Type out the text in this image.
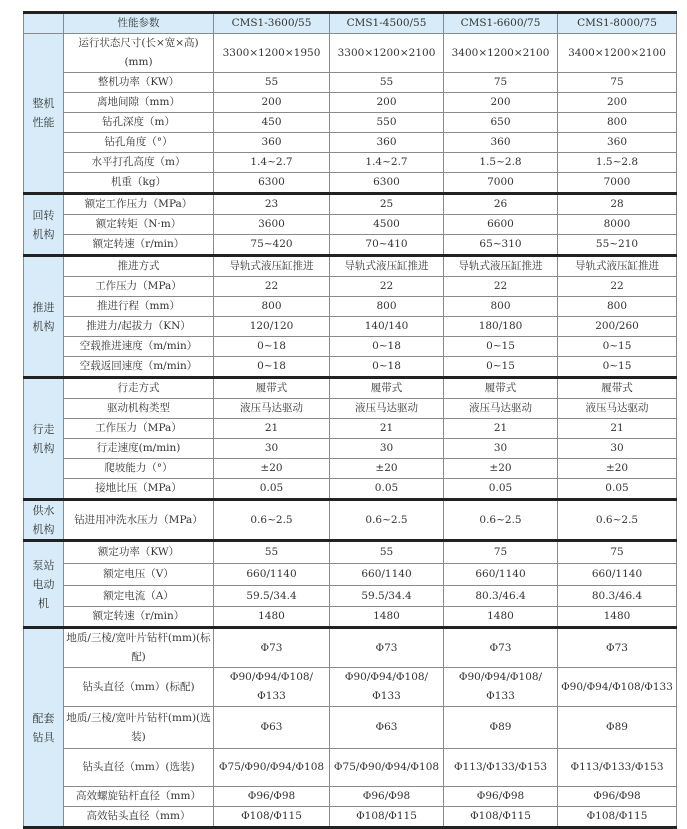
	性能参数	CMS1-3600/55	CMS1-4500/55	CMS1-6600/75	CMS1-8000/75
整机性能	运行状态尺寸(长×宽×高)(mm)	3300×1200×1950	3300×1200×2100	3400×1200×2100	3400×1200×2100
	整机功率（KW）	55	55	75	75
	离地间隙（mm）	200	200	200	200
	钻孔深度（m）	450	550	650	800
	钻孔角度（°）	360	360	360	360
	水平打孔高度（m）	1.4~2.7	1.4~2.7	1.5~2.8	1.5~2.8
	机重（kg）	6300	6300	7000	7000
回转机构	额定工作压力（MPa）	23	25	26	28
	额定转矩（N·m）	3600	4500	6600	8000
	额定转速（r/min）	75~420	70~410	65~310	55~210
推进机构	推进方式	导轨式液压缸推进	导轨式液压缸推进	导轨式液压缸推进	导轨式液压缸推进
	工作压力（MPa）	22	22	22	22
	推进行程（mm）	800	800	800	800
	推进力/起拔力（KN）	120/120	140/140	180/180	200/260
	空载推进速度（m/min）	0~18	0~18	0~15	0~15
	空载返回速度（m/min）	0~18	0~18	0~15	0~15
行走机构	行走方式	履带式	履带式	履带式	履带式
	驱动机构类型	液压马达驱动	液压马达驱动	液压马达驱动	液压马达驱动
	工作压力（MPa）	21	21	21	21
	行走速度(m/min)	30	30	30	30
	爬坡能力（°）	±20	±20	±20	±20
	接地比压（MPa）	0.05	0.05	0.05	0.05
供水机构	钻进用冲洗水压力（MPa）	0.6~2.5	0.6~2.5	0.6~2.5	0.6~2.5
泵站电动机	额定功率（KW）	55	55	75	75
	额定电压（V）	660/1140	660/1140	660/1140	660/1140
	额定电流（A）	59.5/34.4	59.5/34.4	80.3/46.4	80.3/46.4
	额定转速（r/min）	1480	1480	1480	1480
配套钻具	地质/三棱/宽叶片钻杆(mm)(标配)	Φ73	Φ73	Φ73	Φ73
	钻头直径（mm）(标配)	Φ90/Φ94/Φ108/Φ133	Φ90/Φ94/Φ108/Φ133	Φ90/Φ94/Φ108/Φ133	Φ90/Φ94/Φ108/Φ133
	地质/三棱/宽叶片钻杆(mm)(选装)	Φ63	Φ63	Φ89	Φ89
	钻头直径（mm）(选装)	Φ75/Φ90/Φ94/Φ108	Φ75/Φ90/Φ94/Φ108	Φ113/Φ133/Φ153	Φ113/Φ133/Φ153
	高效螺旋钻杆直径（mm）	Φ96/Φ98	Φ96/Φ98	Φ96/Φ98	Φ96/Φ98
	高效钻头直径（mm）	Φ108/Φ115	Φ108/Φ115	Φ108/Φ115	Φ108/Φ115
